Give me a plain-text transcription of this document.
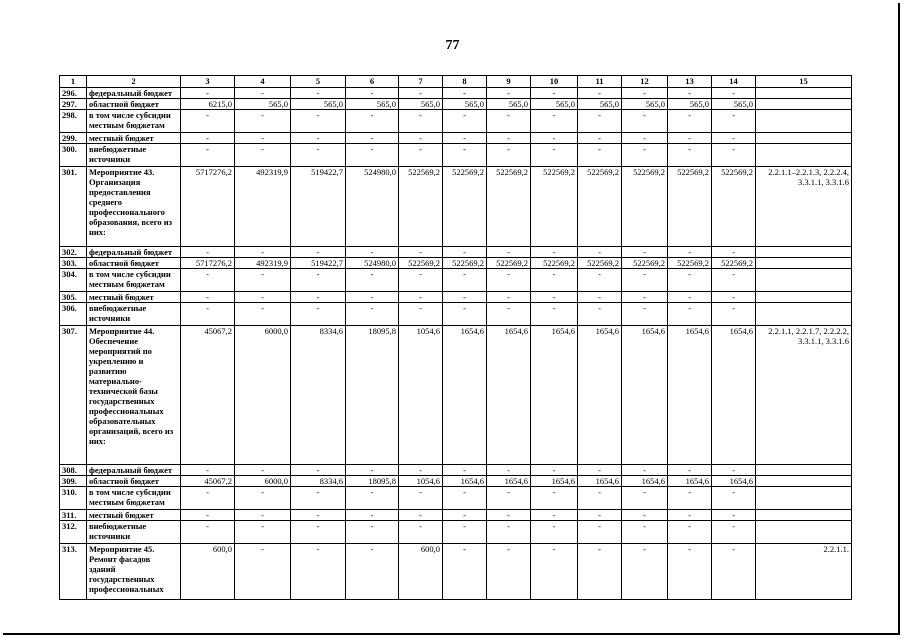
77
1	2	3	4	5	6	7	8	9	10	11	12	13	14	15
296.	федеральный бюджет	-	-	-	-	-	-	-	-	-	-	-	-	
297.	областной бюджет	6215,0	565,0	565,0	565,0	565,0	565,0	565,0	565,0	565,0	565,0	565,0	565,0	
298.	в том числе субсидии местным бюджетам	-	-	-	-	-	-	-	-	-	-	-	-	
299.	местный бюджет	-	-	-	-	-	-	-	-	-	-	-	-	
300.	внебюджетные источники	-	-	-	-	-	-	-	-	-	-	-	-	
301.	Мероприятие 43. Организация предоставления среднего профессионального образования, всего из них:	5717276,2	492319,9	519422,7	524980,0	522569,2	522569,2	522569,2	522569,2	522569,2	522569,2	522569,2	522569,2	2.2.1.1–2.2.1.3, 2.2.2.4, 3.3.1.1, 3.3.1.6
302.	федеральный бюджет	-	-	-	-	-	-	-	-	-	-	-	-	
303.	областной бюджет	5717276,2	492319,9	519422,7	524980,0	522569,2	522569,2	522569,2	522569,2	522569,2	522569,2	522569,2	522569,2	
304.	в том числе субсидии местным бюджетам	-	-	-	-	-	-	-	-	-	-	-	-	
305.	местный бюджет	-	-	-	-	-	-	-	-	-	-	-	-	
306.	внебюджетные источники	-	-	-	-	-	-	-	-	-	-	-	-	
307.	Мероприятие 44. Обеспечение мероприятий по укреплению и развитию материально-технической базы государственных профессиональных образовательных организаций, всего из них:	45067,2	6000,0	8334,6	18095,8	1054,6	1654,6	1654,6	1654,6	1654,6	1654,6	1654,6	1654,6	2.2.1.1, 2.2.1.7, 2.2.2.2, 3.3.1.1, 3.3.1.6
308.	федеральный бюджет	-	-	-	-	-	-	-	-	-	-	-	-	
309.	областной бюджет	45067,2	6000,0	8334,6	18095,8	1054,6	1654,6	1654,6	1654,6	1654,6	1654,6	1654,6	1654,6	
310.	в том числе субсидии местным бюджетам	-	-	-	-	-	-	-	-	-	-	-	-	
311.	местный бюджет	-	-	-	-	-	-	-	-	-	-	-	-	
312.	внебюджетные источники	-	-	-	-	-	-	-	-	-	-	-	-	
313.	Мероприятие 45. Ремонт фасадов зданий государственных профессиональных	600,0	-	-	-	600,0	-	-	-	-	-	-	-	2.2.1.1.
